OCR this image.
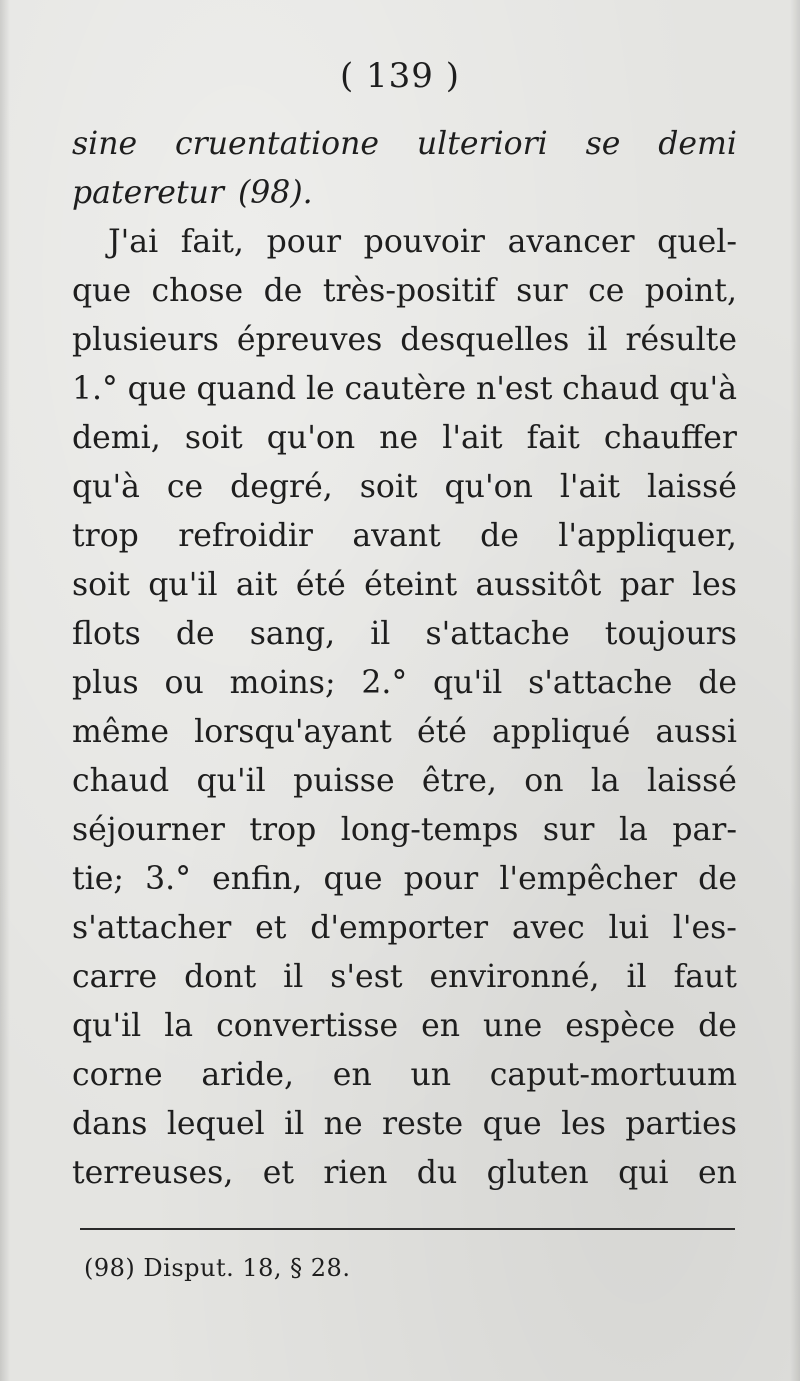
( 139 )
sine cruentatione ulteriori se demi
pateretur (98).
J'ai fait, pour pouvoir avancer quel-
que chose de très-positif sur ce point,
plusieurs épreuves desquelles il résulte
1.° que quand le cautère n'est chaud qu'à
demi, soit qu'on ne l'ait fait chauffer
qu'à ce degré, soit qu'on l'ait laissé
trop refroidir avant de l'appliquer,
soit qu'il ait été éteint aussitôt par les
flots de sang, il s'attache toujours
plus ou moins; 2.° qu'il s'attache de
même lorsqu'ayant été appliqué aussi
chaud qu'il puisse être, on la laissé
séjourner trop long-temps sur la par-
tie; 3.° enfin, que pour l'empêcher de
s'attacher et d'emporter avec lui l'es-
carre dont il s'est environné, il faut
qu'il la convertisse en une espèce de
corne aride, en un caput-mortuum
dans lequel il ne reste que les parties
terreuses, et rien du gluten qui en
(98) Disput. 18, § 28.
